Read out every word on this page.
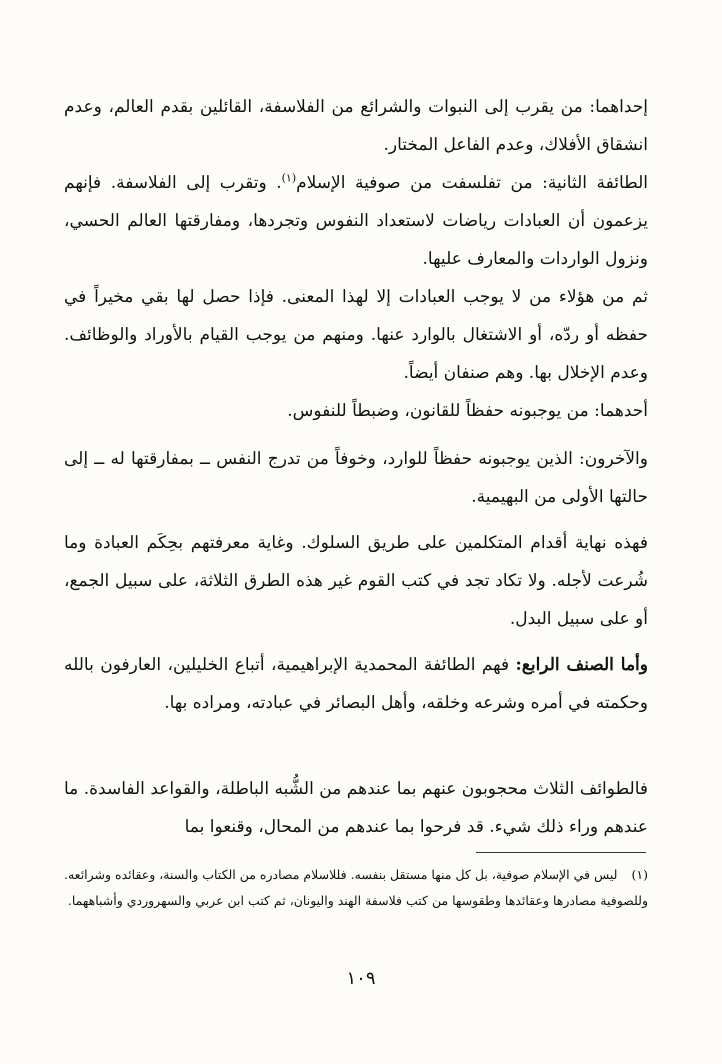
إحداهما: من يقرب إلى النبوات والشرائع من الفلاسفة، القائلين بقدم العالم، وعدم انشقاق الأفلاك، وعدم الفاعل المختار.

الطائفة الثانية: من تفلسفت من صوفية الإسلام$^{(١)}$. وتقرب إلى الفلاسفة. فإنهم يزعمون أن العبادات رياضات لاستعداد النفوس وتجردها، ومفارقتها العالم الحسي، ونزول الواردات والمعارف عليها.

ثم من هؤلاء من لا يوجب العبادات إلا لهذا المعنى. فإذا حصل لها بقي مخيراً في حفظه أو ردّه، أو الاشتغال بالوارد عنها. ومنهم من يوجب القيام بالأوراد والوظائف. وعدم الإخلال بها. وهم صنفان أيضاً.

أحدهما: من يوجبونه حفظاً للقانون، وضبطاً للنفوس.

والآخرون: الذين يوجبونه حفظاً للوارد، وخوفاً من تدرج النفس ــ بمفارقتها له ــ إلى حالتها الأولى من البهيمية.

فهذه نهاية أقدام المتكلمين على طريق السلوك. وغاية معرفتهم بحِكَم العبادة وما شُرعت لأجله. ولا تكاد تجد في كتب القوم غير هذه الطرق الثلاثة، على سبيل الجمع، أو على سبيل البدل.

وأما الصنف الرابع: فهم الطائفة المحمدية الإبراهيمية، أتباع الخليلين، العارفون بالله وحكمته في أمره وشرعه وخلقه، وأهل البصائر في عبادته، ومراده بها.

فالطوائف الثلاث محجوبون عنهم بما عندهم من الشُّبه الباطلة، والقواعد الفاسدة. ما عندهم وراء ذلك شيء. قد فرحوا بما عندهم من المحال، وقنعوا بما

(١)ليس في الإسلام صوفية، بل كل منها مستقل بنفسه. فللاسلام مصادره من الكتاب والسنة، وعقائده وشرائعه. وللصوفية مصادرها وعقائدها وطقوسها من كتب فلاسفة الهند واليونان، ثم كتب ابن عربي والسهروردي وأشباههما.
١٠٩
